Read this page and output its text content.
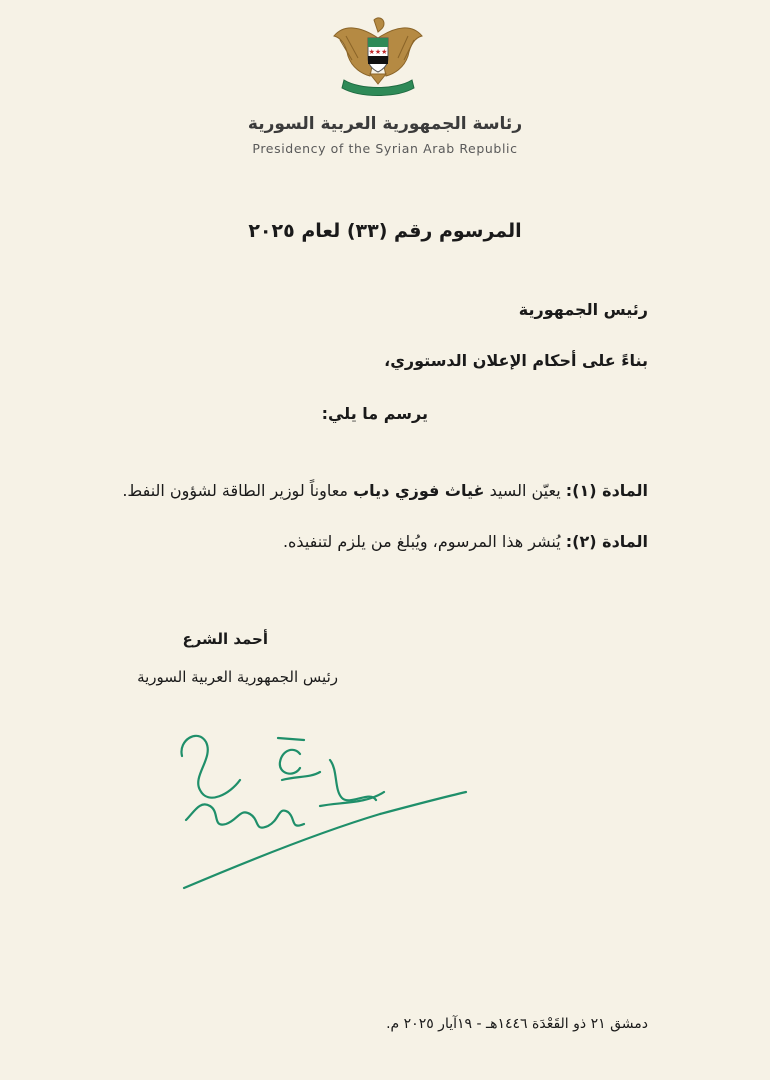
★★★
رئاسة الجمهورية العربية السورية
Presidency of the Syrian Arab Republic
المرسوم رقم (٣٣) لعام ٢٠٢٥
رئيس الجمهورية
بناءً على أحكام الإعلان الدستوري،
يرسم ما يلي:
المادة (١): يعيّن السيد غياث فوزي دياب معاوناً لوزير الطاقة لشؤون النفط.
المادة (٢): يُنشر هذا المرسوم، ويُبلغ من يلزم لتنفيذه.
أحمد الشرع
رئيس الجمهورية العربية السورية
دمشق ٢١ ذو القَعْدَة ١٤٤٦هـ - ١٩آيار ٢٠٢٥ م.
